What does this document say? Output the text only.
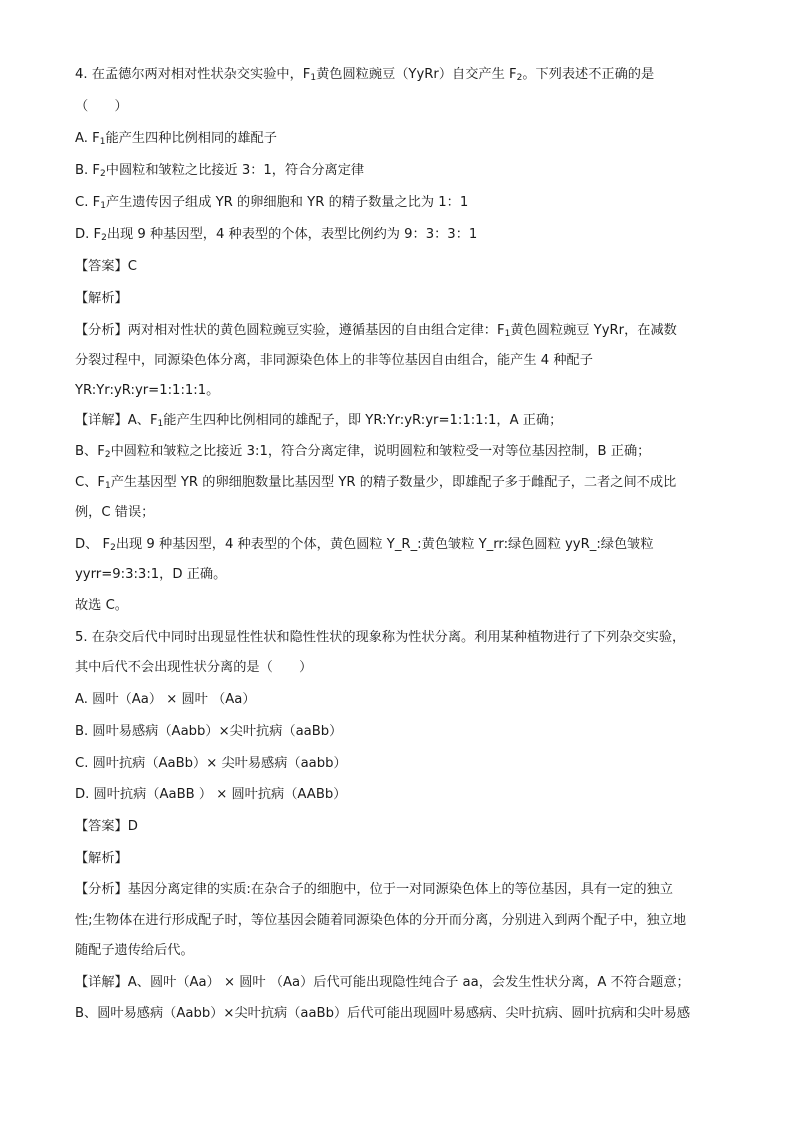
4. 在孟德尔两对相对性状杂交实验中，$F_1$黄色圆粒豌豆（YyRr）自交产生 $F_2$。下列表述不正确的是
（　　）
A. $F_1$能产生四种比例相同的雄配子
B. $F_2$中圆粒和皱粒之比接近 3：1，符合分离定律
C. $F_1$产生遗传因子组成 YR 的卵细胞和 YR 的精子数量之比为 1：1
D. $F_2$出现 9 种基因型，4 种表型的个体，表型比例约为 9：3：3：1
【答案】C
【解析】
【分析】两对相对性状的黄色圆粒豌豆实验，遵循基因的自由组合定律：$F_1$黄色圆粒豌豆 YyRr，在减数
分裂过程中，同源染色体分离，非同源染色体上的非等位基因自由组合，能产生 4 种配子
YR:Yr:yR:yr=1:1:1:1。
【详解】A、$F_1$能产生四种比例相同的雄配子，即 YR:Yr:yR:yr=1:1:1:1，A 正确；
B、$F_2$中圆粒和皱粒之比接近 3:1，符合分离定律，说明圆粒和皱粒受一对等位基因控制，B 正确；
C、$F_1$产生基因型 YR 的卵细胞数量比基因型 YR 的精子数量少，即雄配子多于雌配子，二者之间不成比
例，C 错误；
D、 $F_2$出现 9 种基因型，4 种表型的个体，黄色圆粒 Y_R_:黄色皱粒 Y_rr:绿色圆粒 yyR_:绿色皱粒
yyrr=9:3:3:1，D 正确。
故选 C。
5. 在杂交后代中同时出现显性性状和隐性性状的现象称为性状分离。利用某种植物进行了下列杂交实验，
其中后代不会出现性状分离的是（　　）
A. 圆叶（Aa） × 圆叶 （Aa）
B. 圆叶易感病（Aabb）×尖叶抗病（aaBb）
C. 圆叶抗病（AaBb）× 尖叶易感病（aabb）
D. 圆叶抗病（AaBB ） × 圆叶抗病（AABb）
【答案】D
【解析】
【分析】基因分离定律的实质:在杂合子的细胞中，位于一对同源染色体上的等位基因，具有一定的独立
性;生物体在进行形成配子时，等位基因会随着同源染色体的分开而分离，分别进入到两个配子中，独立地
随配子遗传给后代。
【详解】A、圆叶（Aa） × 圆叶 （Aa）后代可能出现隐性纯合子 aa，会发生性状分离，A 不符合题意；
B、圆叶易感病（Aabb）×尖叶抗病（aaBb）后代可能出现圆叶易感病、尖叶抗病、圆叶抗病和尖叶易感
